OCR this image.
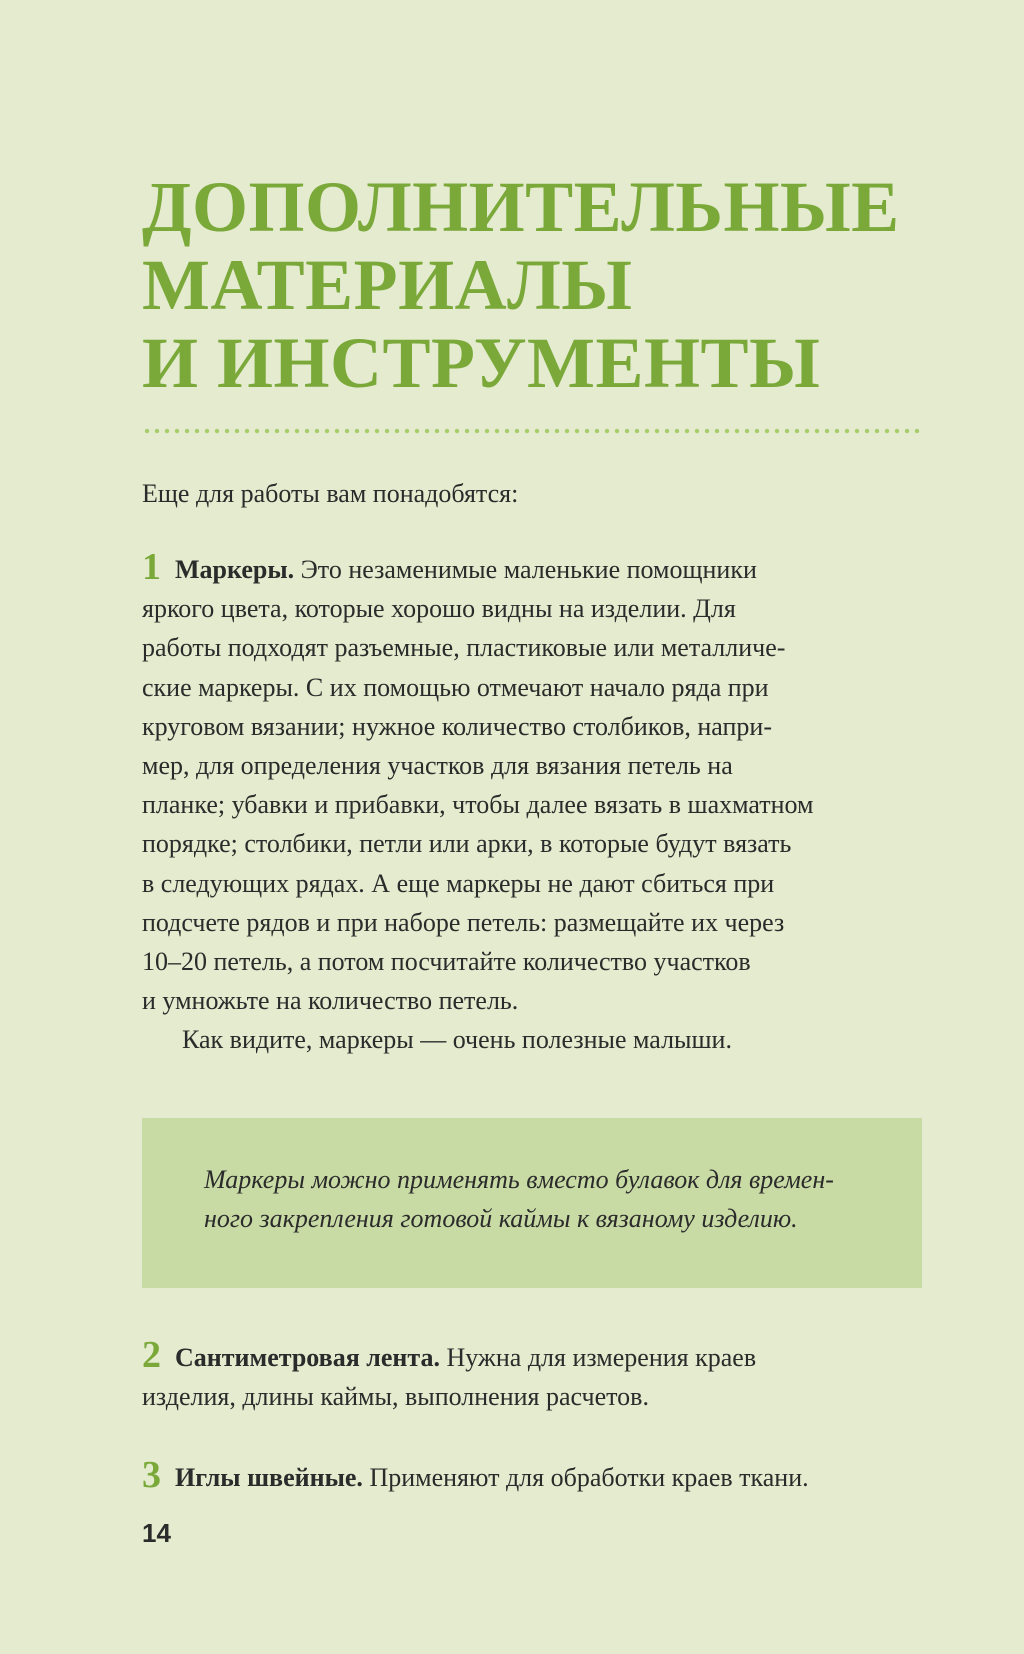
ДОПОЛНИТЕЛЬНЫЕ
МАТЕРИАЛЫ
И ИНСТРУМЕНТЫ

Еще для работы вам понадобятся:

1 Маркеры. Это незаменимые маленькие помощники
яркого цвета, которые хорошо видны на изделии. Для
работы подходят разъемные, пластиковые или металличе-
ские маркеры. С их помощью отмечают начало ряда при
круговом вязании; нужное количество столбиков, напри-
мер, для определения участков для вязания петель на
планке; убавки и прибавки, чтобы далее вязать в шахматном
порядке; столбики, петли или арки, в которые будут вязать
в следующих рядах. А еще маркеры не дают сбиться при
подсчете рядов и при наборе петель: размещайте их через
10–20 петель, а потом посчитайте количество участков
и умножьте на количество петель.
Как видите, маркеры — очень полезные малыши.
Маркеры можно применять вместо булавок для времен-
ного закрепления готовой каймы к вязаному изделию.
2 Сантиметровая лента. Нужна для измерения краев
изделия, длины каймы, выполнения расчетов.
3 Иглы швейные. Применяют для обработки краев ткани.
14
